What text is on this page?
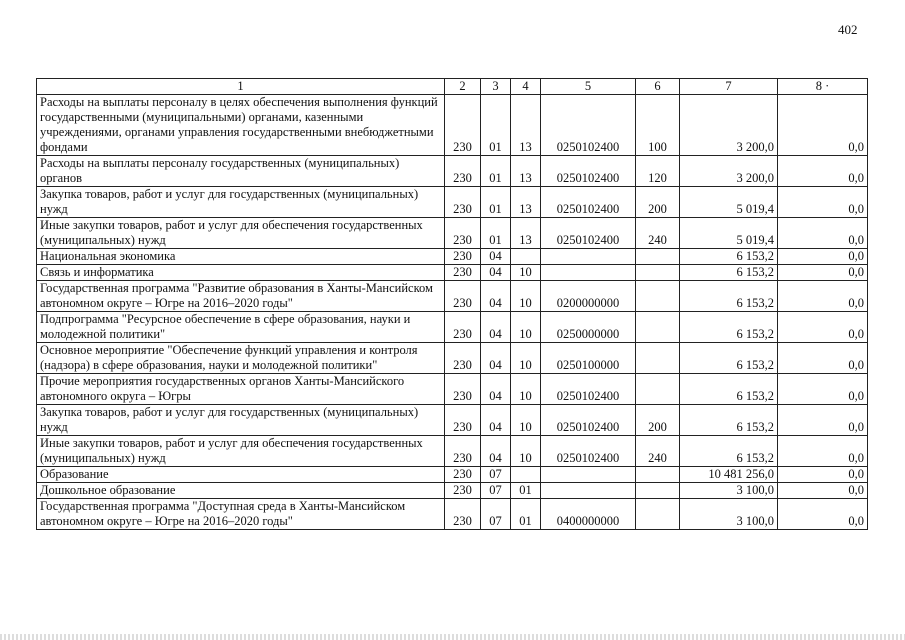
402
1	2	3	4	5	6	7	8 ·
Расходы на выплаты персоналу в целях обеспечения выполнения функций государственными (муниципальными) органами, казенными учреждениями, органами управления государственными внебюджетными фондами	230	01	13	0250102400	100	3 200,0	0,0
Расходы на выплаты персоналу государственных (муниципальных) органов	230	01	13	0250102400	120	3 200,0	0,0
Закупка товаров, работ и услуг для государственных (муниципальных) нужд	230	01	13	0250102400	200	5 019,4	0,0
Иные закупки товаров, работ и услуг для обеспечения государственных (муниципальных) нужд	230	01	13	0250102400	240	5 019,4	0,0
Национальная экономика	230	04				6 153,2	0,0
Связь и информатика	230	04	10			6 153,2	0,0
Государственная программа "Развитие образования в Ханты-Мансийском автономном округе – Югре на 2016–2020 годы"	230	04	10	0200000000		6 153,2	0,0
Подпрограмма "Ресурсное обеспечение в сфере образования, науки и молодежной политики"	230	04	10	0250000000		6 153,2	0,0
Основное мероприятие "Обеспечение функций управления и контроля (надзора) в сфере образования, науки и молодежной политики"	230	04	10	0250100000		6 153,2	0,0
Прочие мероприятия государственных органов Ханты-Мансийского автономного округа – Югры	230	04	10	0250102400		6 153,2	0,0
Закупка товаров, работ и услуг для государственных (муниципальных) нужд	230	04	10	0250102400	200	6 153,2	0,0
Иные закупки товаров, работ и услуг для обеспечения государственных (муниципальных) нужд	230	04	10	0250102400	240	6 153,2	0,0
Образование	230	07				10 481 256,0	0,0
Дошкольное образование	230	07	01			3 100,0	0,0
Государственная программа "Доступная среда в Ханты-Мансийском автономном округе – Югре на 2016–2020 годы"	230	07	01	0400000000		3 100,0	0,0
